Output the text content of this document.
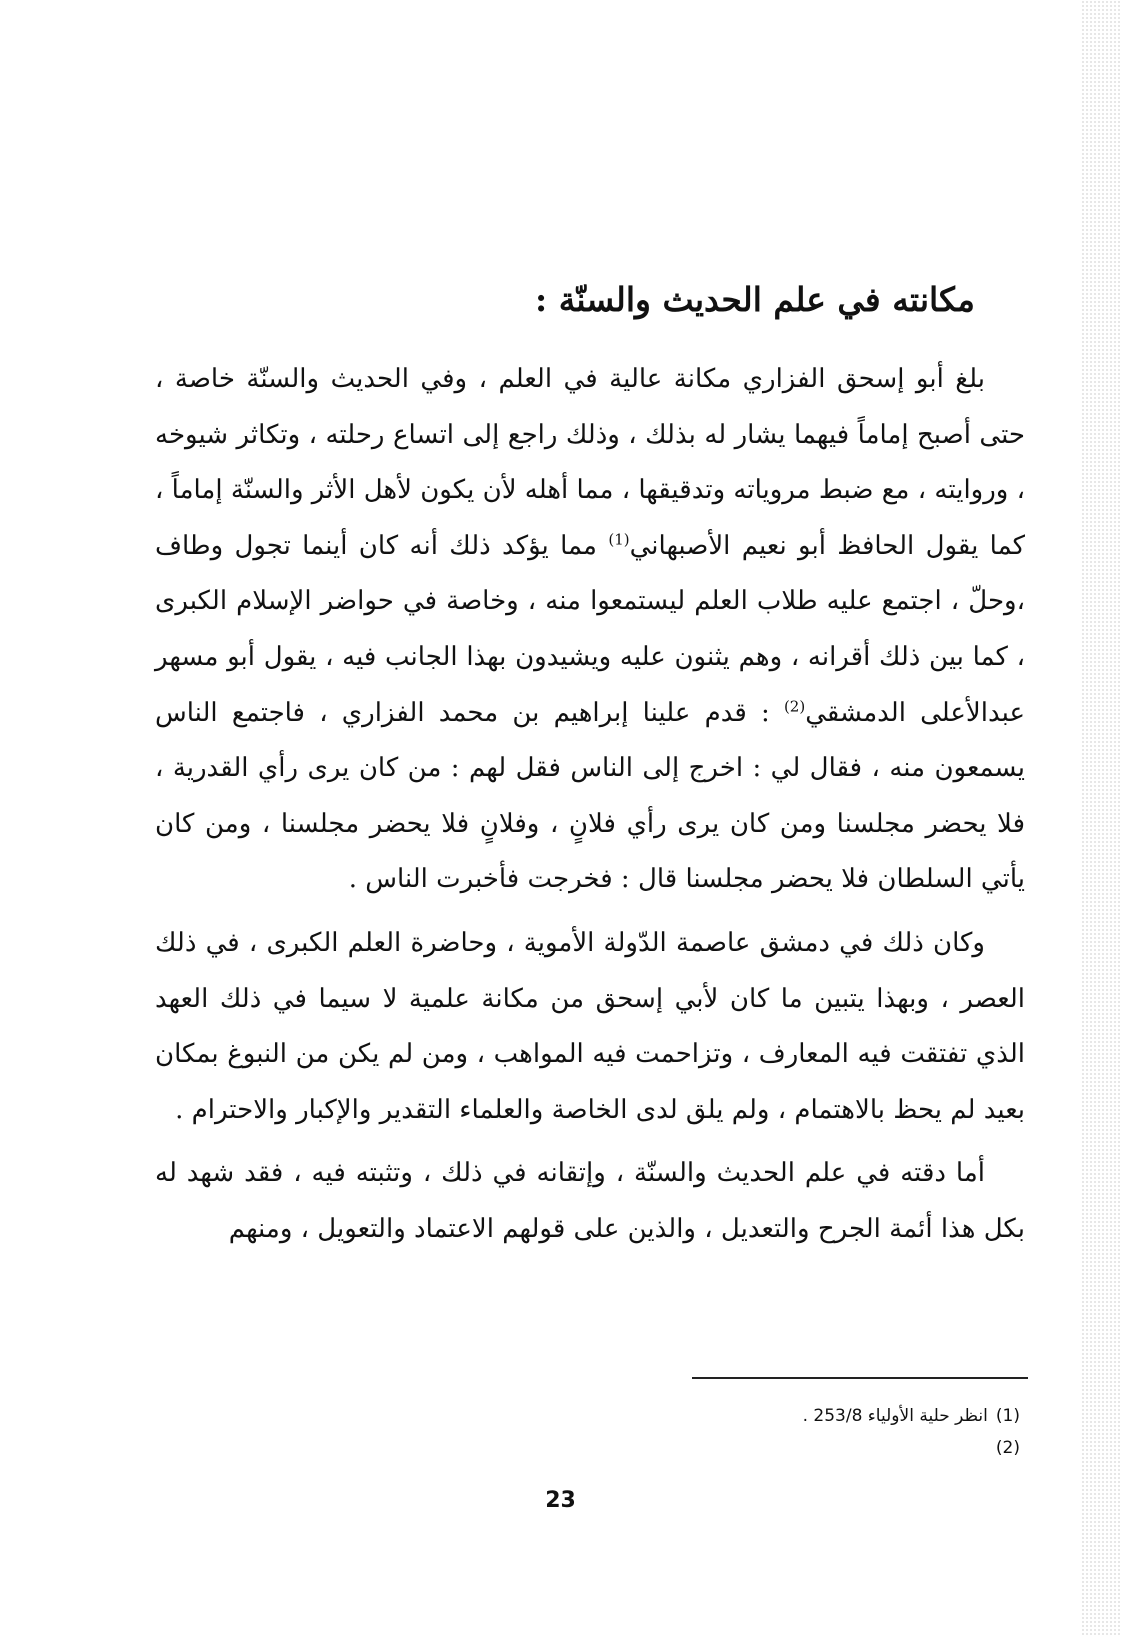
مكانته في علم الحديث والسنّة :

بلغ أبو إسحق الفزاري مكانة عالية في العلم ، وفي الحديث والسنّة خاصة ، حتى أصبح إماماً فيهما يشار له بذلك ، وذلك راجع إلى اتساع رحلته ، وتكاثر شيوخه ، وروايته ، مع ضبط مروياته وتدقيقها ، مما أهله لأن يكون لأهل الأثر والسنّة إماماً ، كما يقول الحافظ أبو نعيم الأصبهاني$^{(1)}$ مما يؤكد ذلك أنه كان أينما تجول وطاف ،وحلّ ، اجتمع عليه طلاب العلم ليستمعوا منه ، وخاصة في حواضر الإسلام الكبرى ، كما بين ذلك أقرانه ، وهم يثنون عليه ويشيدون بهذا الجانب فيه ، يقول أبو مسهر عبدالأعلى الدمشقي$^{(2)}$ : قدم علينا إبراهيم بن محمد الفزاري ، فاجتمع الناس يسمعون منه ، فقال لي : اخرج إلى الناس فقل لهم : من كان يرى رأي القدرية ، فلا يحضر مجلسنا ومن كان يرى رأي فلانٍ ، وفلانٍ فلا يحضر مجلسنا ، ومن كان يأتي السلطان فلا يحضر مجلسنا قال : فخرجت فأخبرت الناس .

وكان ذلك في دمشق عاصمة الدّولة الأموية ، وحاضرة العلم الكبرى ، في ذلك العصر ، وبهذا يتبين ما كان لأبي إسحق من مكانة علمية لا سيما في ذلك العهد الذي تفتقت فيه المعارف ، وتزاحمت فيه المواهب ، ومن لم يكن من النبوغ بمكان بعيد لم يحظ بالاهتمام ، ولم يلق لدى الخاصة والعلماء التقدير والإكبار والاحترام .

أما دقته في علم الحديث والسنّة ، وإتقانه في ذلك ، وتثبته فيه ، فقد شهد له بكل هذا أئمة الجرح والتعديل ، والذين على قولهم الاعتماد والتعويل ، ومنهم

(1)انظر حلية الأولياء 253/8 .
(2)
23
